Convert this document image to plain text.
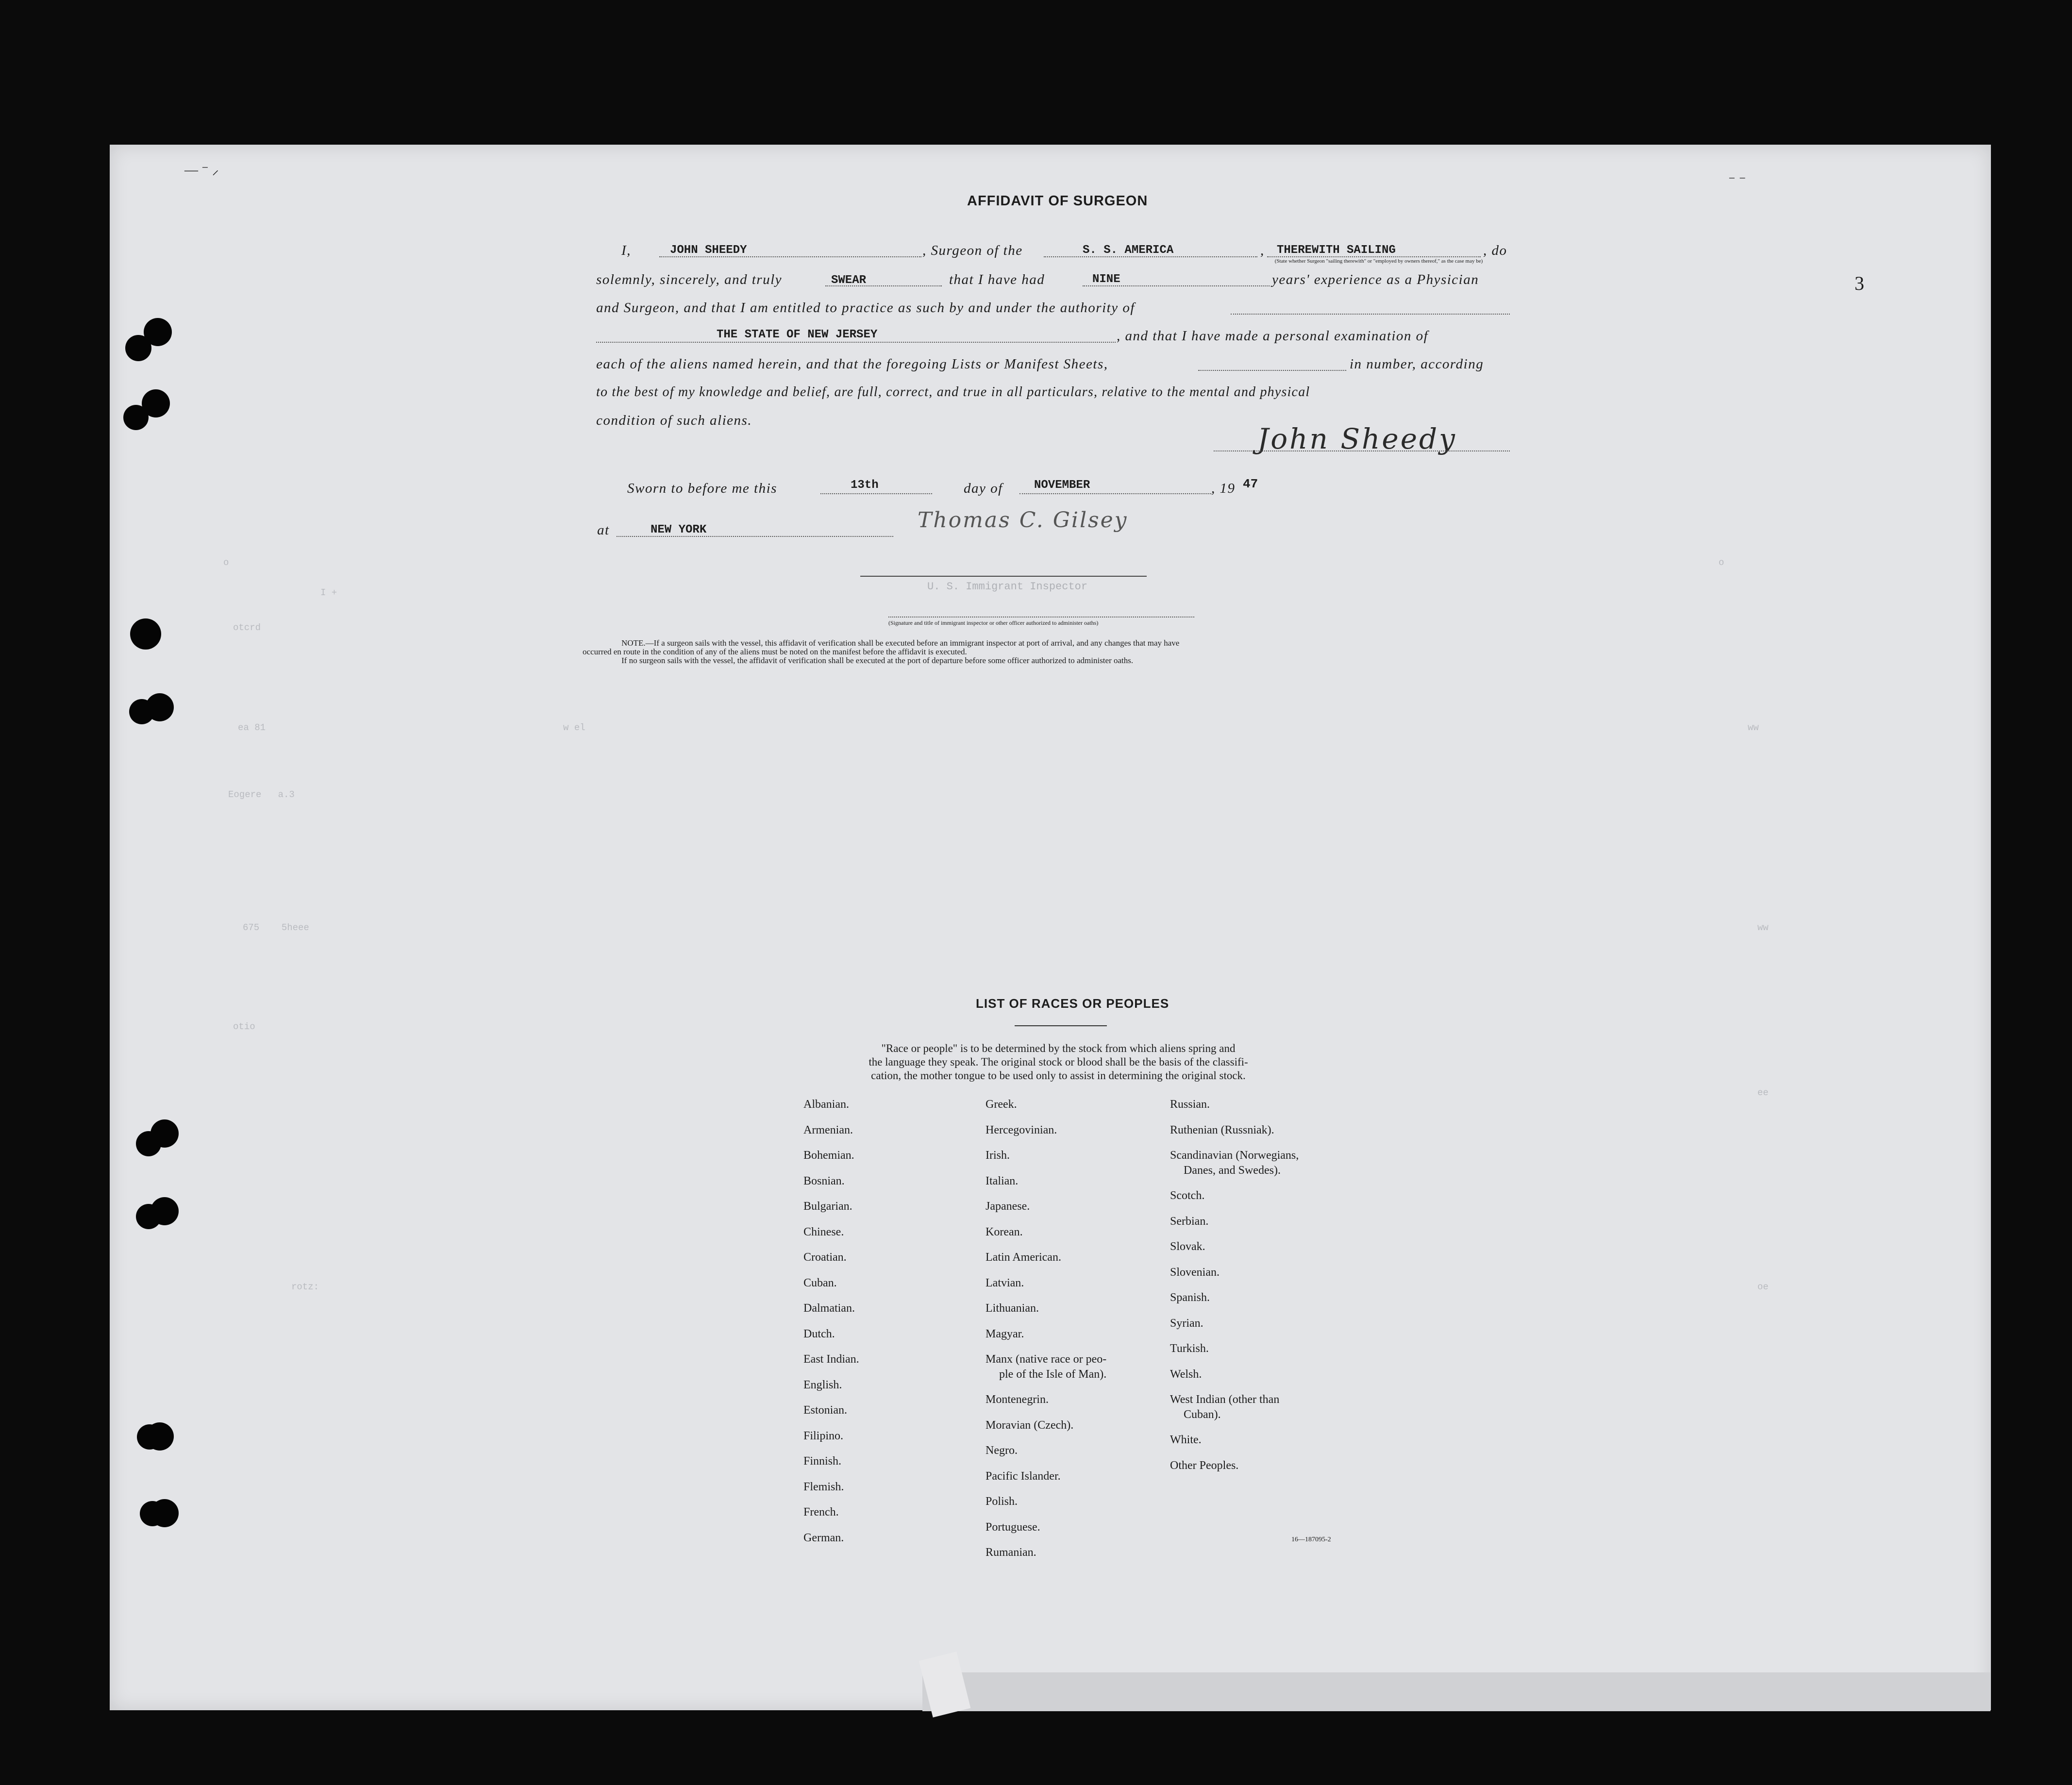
— ⁻ ﻿⸝
⁻ ⁻
3
AFFIDAVIT OF SURGEON
I,	JOHN SHEEDY	, Surgeon of the	S. S. AMERICA	, THEREWITH SAILING	, do
(State whether Surgeon "sailing therewith" or "employed by owners thereof," as the case may be)
solemnly, sincerely, and truly	SWEAR	that I have had	NINE	years' experience as a Physician
and Surgeon, and that I am entitled to practice as such by and under the authority of
THE STATE OF NEW JERSEY	, and that I have made a personal examination of
each of the aliens named herein, and that the foregoing Lists or Manifest Sheets,	in number, according
to the best of my knowledge and belief, are full, correct, and true in all particulars, relative to the mental and physical
condition of such aliens.
John Sheedy
Sworn to before me this	13th	day of	NOVEMBER	, 19 47
at	NEW YORK	Thomas C. Gilsey
U. S. Immigrant Inspector
(Signature and title of immigrant inspector or other officer authorized to administer oaths)
NOTE.—If a surgeon sails with the vessel, this affidavit of verification shall be executed before an immigrant inspector at port of arrival, and any changes that may have
occurred en route in the condition of any of the aliens must be noted on the manifest before the affidavit is executed.
If no surgeon sails with the vessel, the affidavit of verification shall be executed at the port of departure before some officer authorized to administer oaths.
o
I +
otcrd
ea 81	w el
Eogere   a.3
675    5heee
otio
rotz:
o
ww
ww
ee
oe
LIST OF RACES OR PEOPLES
"Race or people" is to be determined by the stock from which aliens spring and
the language they speak. The original stock or blood shall be the basis of the classifi-
cation, the mother tongue to be used only to assist in determining the original stock.
Albanian.
Armenian.
Bohemian.
Bosnian.
Bulgarian.
Chinese.
Croatian.
Cuban.
Dalmatian.
Dutch.
East Indian.
English.
Estonian.
Filipino.
Finnish.
Flemish.
French.
German.
Greek.
Hercegovinian.
Irish.
Italian.
Japanese.
Korean.
Latin American.
Latvian.
Lithuanian.
Magyar.
Manx (native race or peo-
ple of the Isle of Man).
Montenegrin.
Moravian (Czech).
Negro.
Pacific Islander.
Polish.
Portuguese.
Rumanian.
Russian.
Ruthenian (Russniak).
Scandinavian (Norwegians,
Danes, and Swedes).
Scotch.
Serbian.
Slovak.
Slovenian.
Spanish.
Syrian.
Turkish.
Welsh.
West Indian (other than
Cuban).
White.
Other Peoples.
16—187095-2
